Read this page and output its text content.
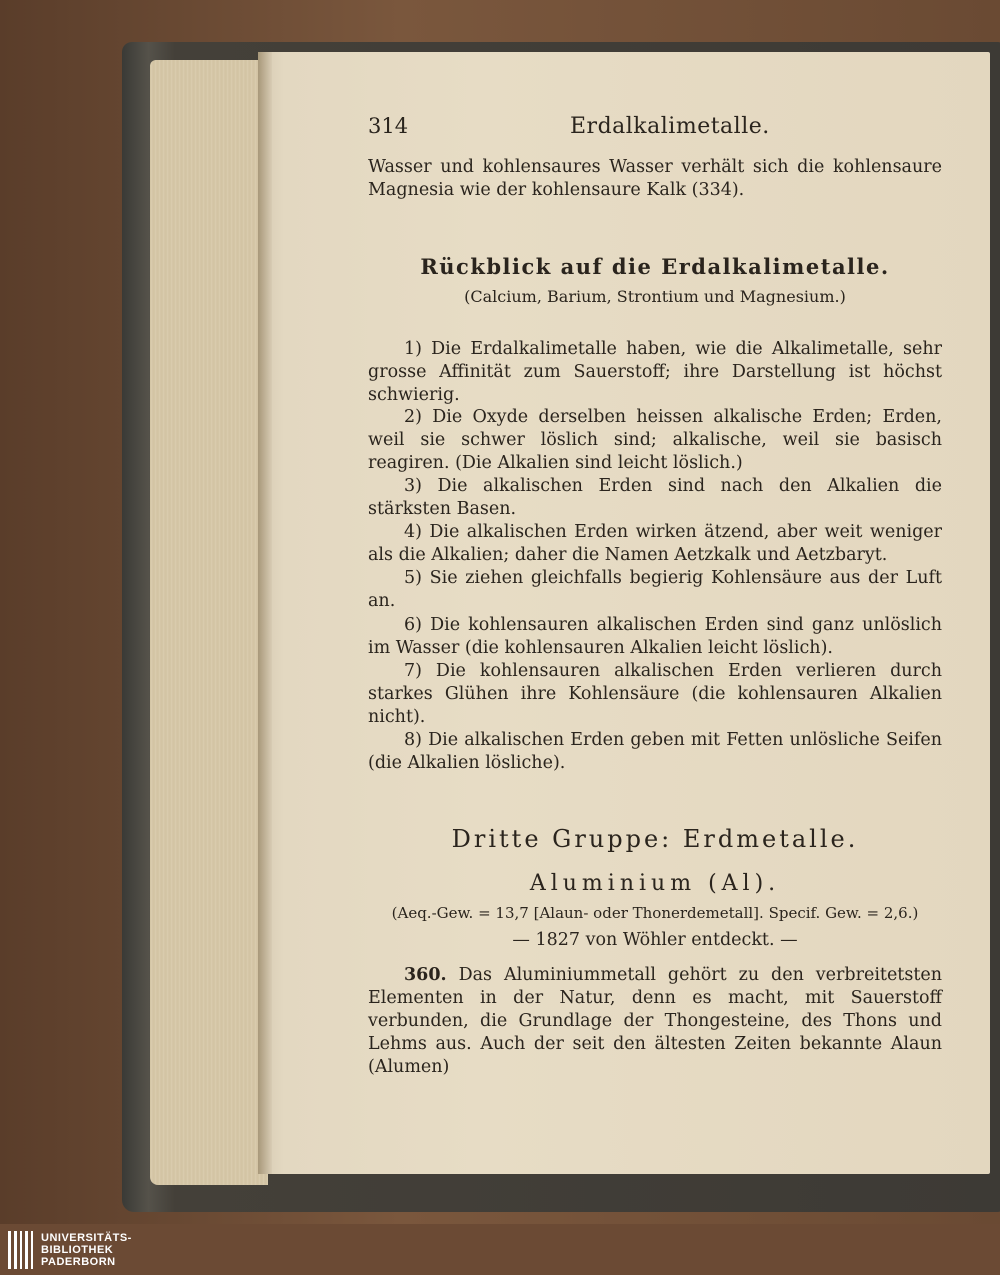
314	Erdalkalimetalle.
Wasser und kohlensaures Wasser verhält sich die kohlensaure Magnesia wie der kohlensaure Kalk (334).
Rückblick auf die Erdalkalimetalle.
(Calcium, Barium, Strontium und Magnesium.)
1) Die Erdalkalimetalle haben, wie die Alkalimetalle, sehr grosse Affinität zum Sauerstoff; ihre Darstellung ist höchst schwierig.
2) Die Oxyde derselben heissen alkalische Erden; Erden, weil sie schwer löslich sind; alkalische, weil sie basisch reagiren. (Die Alkalien sind leicht löslich.)
3) Die alkalischen Erden sind nach den Alkalien die stärksten Basen.
4) Die alkalischen Erden wirken ätzend, aber weit weniger als die Alkalien; daher die Namen Aetzkalk und Aetzbaryt.
5) Sie ziehen gleichfalls begierig Kohlensäure aus der Luft an.
6) Die kohlensauren alkalischen Erden sind ganz unlöslich im Wasser (die kohlensauren Alkalien leicht löslich).
7) Die kohlensauren alkalischen Erden verlieren durch starkes Glühen ihre Kohlensäure (die kohlensauren Alkalien nicht).
8) Die alkalischen Erden geben mit Fetten unlösliche Seifen (die Alkalien lösliche).
Dritte Gruppe: Erdmetalle.
Aluminium (Al).
(Aeq.-Gew. = 13,7 [Alaun- oder Thonerdemetall]. Specif. Gew. = 2,6.)
— 1827 von Wöhler entdeckt. —
360. Das Aluminiummetall gehört zu den verbreitetsten Elementen in der Natur, denn es macht, mit Sauerstoff verbunden, die Grundlage der Thongesteine, des Thons und Lehms aus. Auch der seit den ältesten Zeiten bekannte Alaun (Alumen)
UNIVERSITÄTS-
BIBLIOTHEK
PADERBORN
